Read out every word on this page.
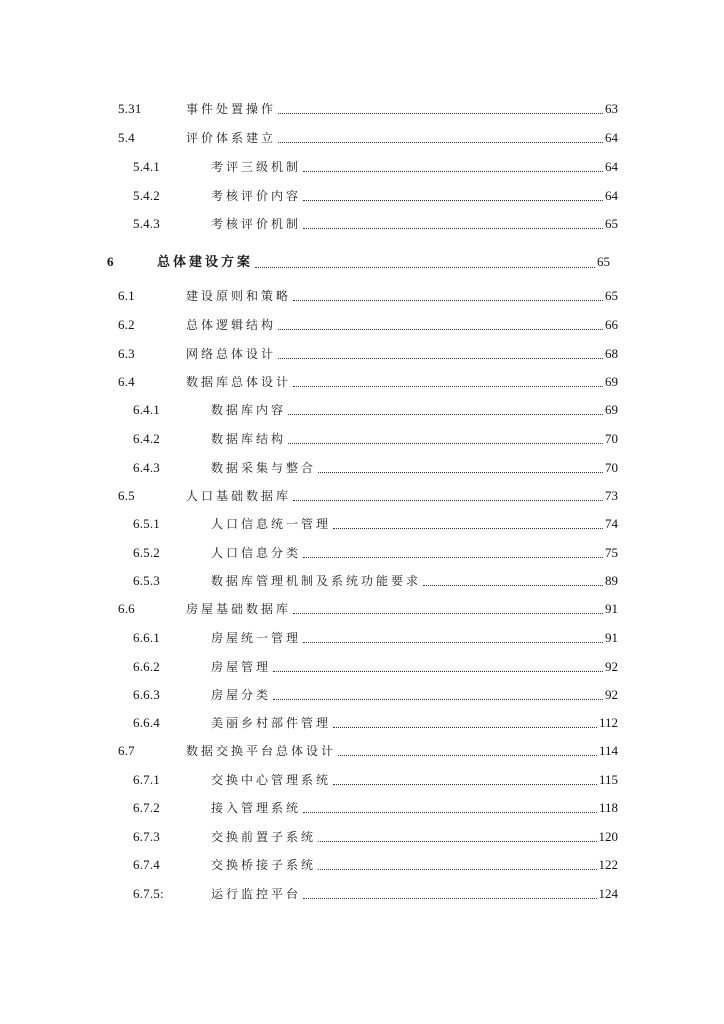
5.31	事件处置操作	63
5.4	评价体系建立	64
5.4.1	考评三级机制	64
5.4.2	考核评价内容	64
5.4.3	考核评价机制	65
6	总体建设方案	65
6.1	建设原则和策略	65
6.2	总体逻辑结构	66
6.3	网络总体设计	68
6.4	数据库总体设计	69
6.4.1	数据库内容	69
6.4.2	数据库结构	70
6.4.3	数据采集与整合	70
6.5	人口基础数据库	73
6.5.1	人口信息统一管理	74
6.5.2	人口信息分类	75
6.5.3	数据库管理机制及系统功能要求	89
6.6	房屋基础数据库	91
6.6.1	房屋统一管理	91
6.6.2	房屋管理	92
6.6.3	房屋分类	92
6.6.4	美丽乡村部件管理	112
6.7	数据交换平台总体设计	114
6.7.1	交换中心管理系统	115
6.7.2	接入管理系统	118
6.7.3	交换前置子系统	120
6.7.4	交换桥接子系统	122
6.7.5:	运行监控平台	124
